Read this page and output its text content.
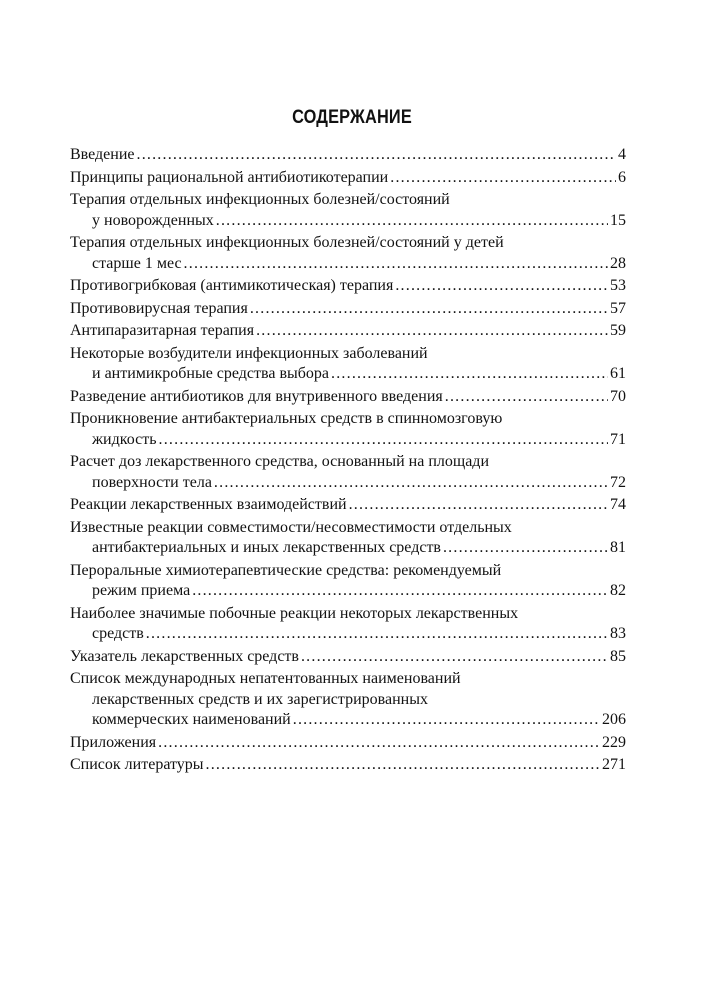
СОДЕРЖАНИЕ
Введение .....	4
Принципы рациональной антибиотикотерапии .....	6
Терапия отдельных инфекционных болезней/состояний
у новорожденных .....	15
Терапия отдельных инфекционных болезней/состояний у детей
старше 1 мес .....	28
Противогрибковая (антимикотическая) терапия .....	53
Противовирусная терапия .....	57
Антипаразитарная терапия .....	59
Некоторые возбудители инфекционных заболеваний
и антимикробные средства выбора .....	61
Разведение антибиотиков для внутривенного введения .....	70
Проникновение антибактериальных средств в спинномозговую
жидкость .....	71
Расчет доз лекарственного средства, основанный на площади
поверхности тела .....	72
Реакции лекарственных взаимодействий .....	74
Известные реакции совместимости/несовместимости отдельных
антибактериальных и иных лекарственных средств .....	81
Пероральные химиотерапевтические средства: рекомендуемый
режим приема .....	82
Наиболее значимые побочные реакции некоторых лекарственных
средств .....	83
Указатель лекарственных средств .....	85
Список международных непатентованных наименований
лекарственных средств и их зарегистрированных
коммерческих наименований .....	206
Приложения .....	229
Список литературы .....	271
